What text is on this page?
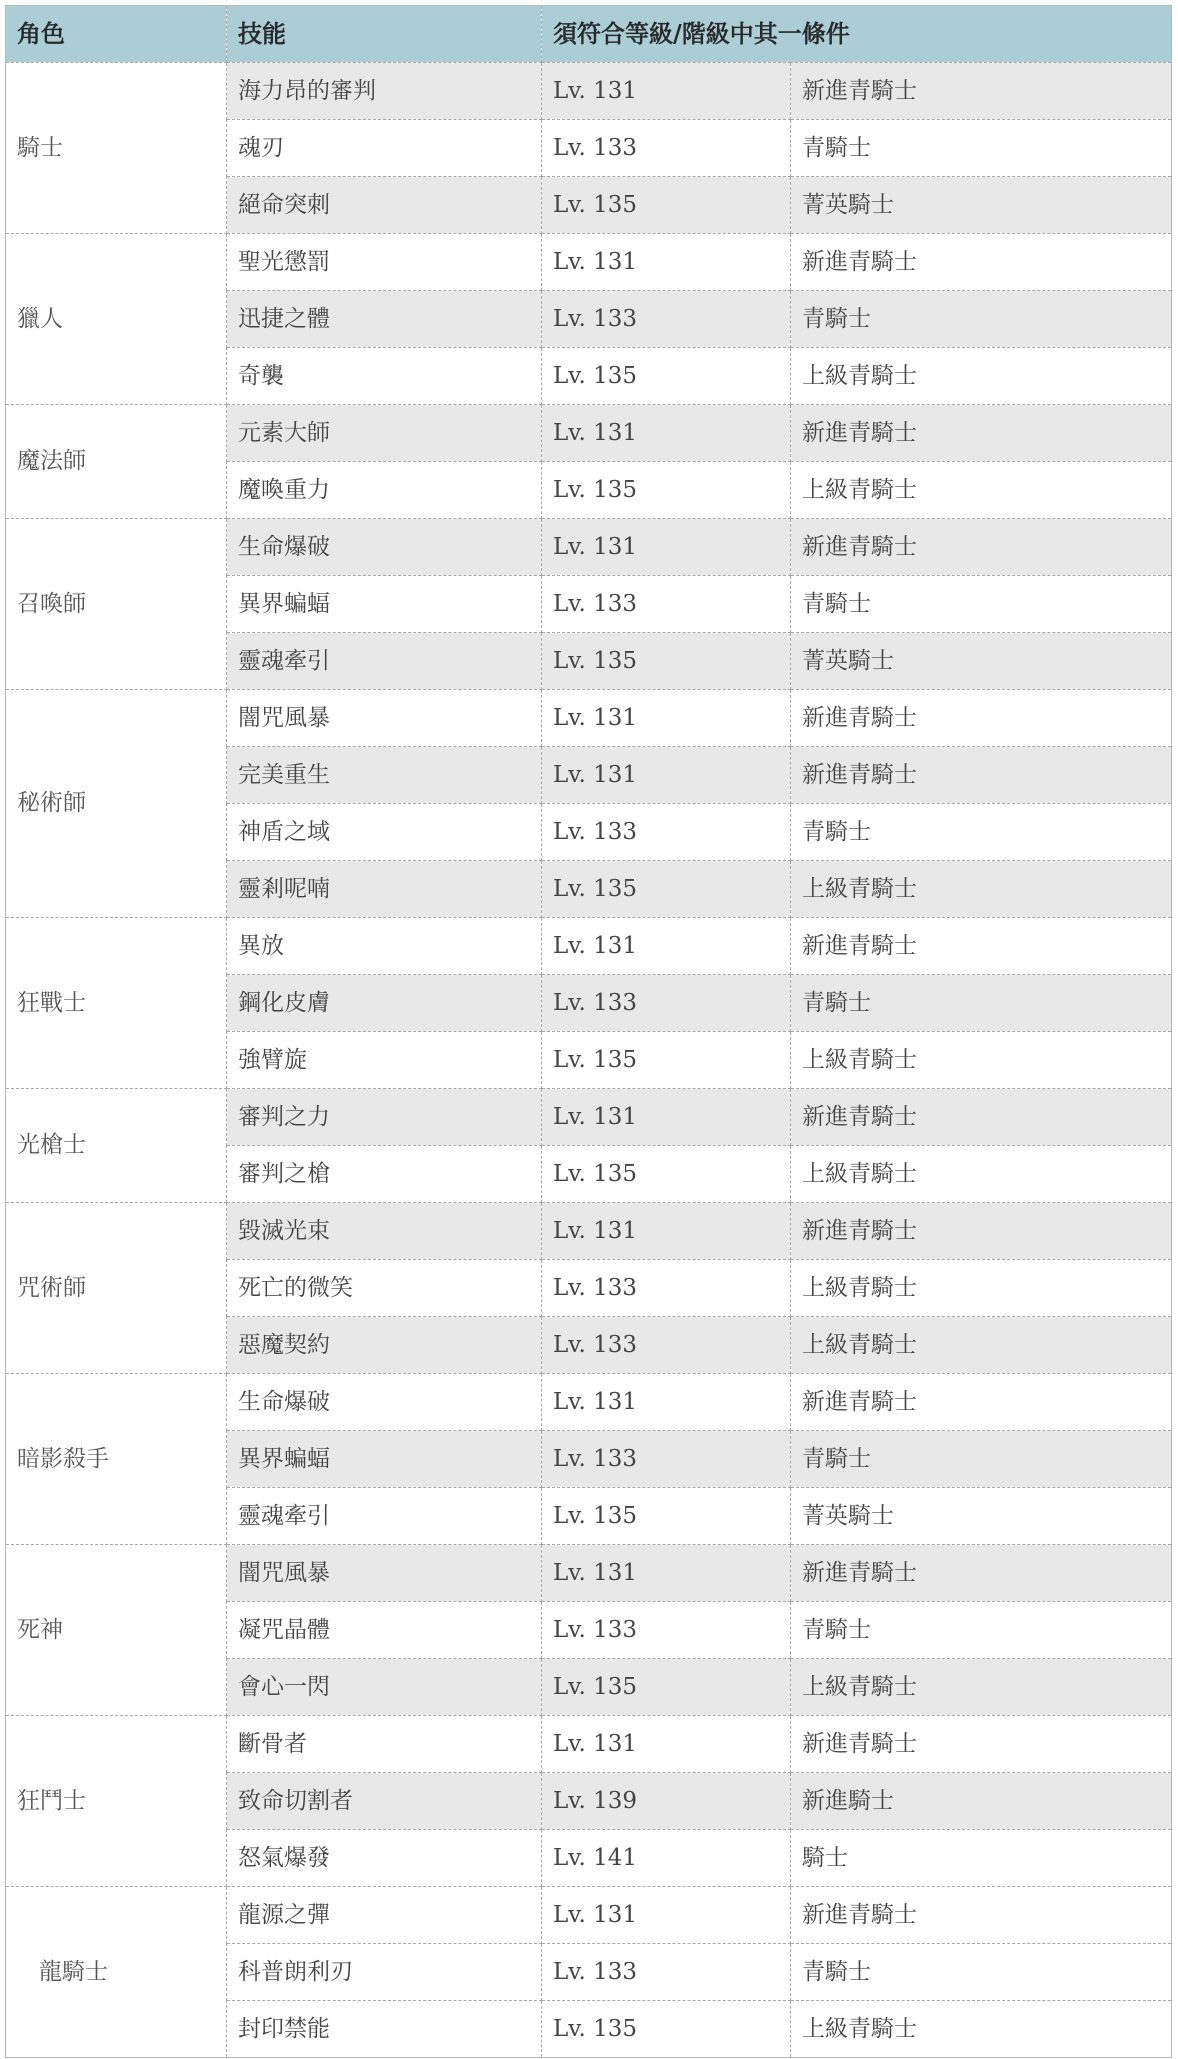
角色	技能	須符合等級/階級中其一條件	
騎士	海力昂的審判	Lv. 131	新進青騎士
	魂刃	Lv. 133	青騎士
	絕命突刺	Lv. 135	菁英騎士
獵人	聖光懲罰	Lv. 131	新進青騎士
	迅捷之體	Lv. 133	青騎士
	奇襲	Lv. 135	上級青騎士
魔法師	元素大師	Lv. 131	新進青騎士
	魔喚重力	Lv. 135	上級青騎士
召喚師	生命爆破	Lv. 131	新進青騎士
	異界蝙蝠	Lv. 133	青騎士
	靈魂牽引	Lv. 135	菁英騎士
秘術師	闇咒風暴	Lv. 131	新進青騎士
	完美重生	Lv. 131	新進青騎士
	神盾之域	Lv. 133	青騎士
	靈剎呢喃	Lv. 135	上級青騎士
狂戰士	異放	Lv. 131	新進青騎士
	鋼化皮膚	Lv. 133	青騎士
	強臂旋	Lv. 135	上級青騎士
光槍士	審判之力	Lv. 131	新進青騎士
	審判之槍	Lv. 135	上級青騎士
咒術師	毀滅光束	Lv. 131	新進青騎士
	死亡的微笑	Lv. 133	上級青騎士
	惡魔契約	Lv. 133	上級青騎士
暗影殺手	生命爆破	Lv. 131	新進青騎士
	異界蝙蝠	Lv. 133	青騎士
	靈魂牽引	Lv. 135	菁英騎士
死神	闇咒風暴	Lv. 131	新進青騎士
	凝咒晶體	Lv. 133	青騎士
	會心一閃	Lv. 135	上級青騎士
狂鬥士	斷骨者	Lv. 131	新進青騎士
	致命切割者	Lv. 139	新進騎士
	怒氣爆發	Lv. 141	騎士
龍騎士	龍源之彈	Lv. 131	新進青騎士
	科普朗利刃	Lv. 133	青騎士
	封印禁能	Lv. 135	上級青騎士
